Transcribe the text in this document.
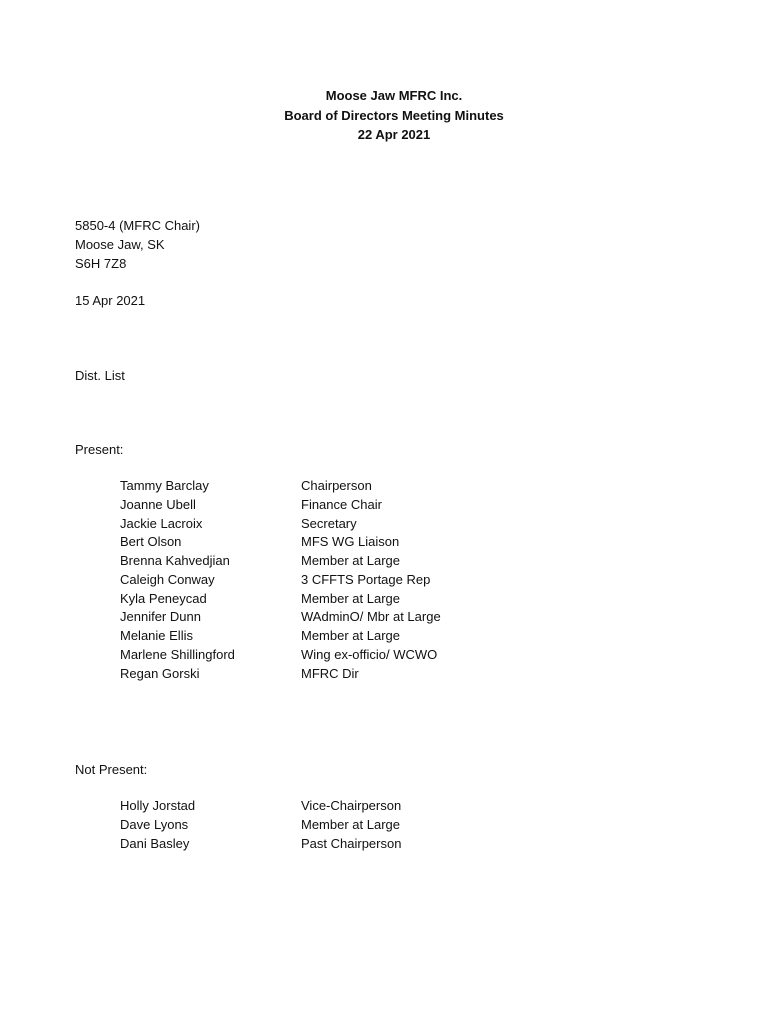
Moose Jaw MFRC Inc.
Board of Directors Meeting Minutes
22 Apr 2021
5850-4 (MFRC Chair)
Moose Jaw, SK
S6H 7Z8
15 Apr 2021
Dist. List
Present:
Tammy Barclay	Chairperson
Joanne Ubell	Finance Chair
Jackie Lacroix	Secretary
Bert Olson	MFS WG Liaison
Brenna Kahvedjian	Member at Large
Caleigh Conway	3 CFFTS Portage Rep
Kyla Peneycad	Member at Large
Jennifer Dunn	WAdminO/ Mbr at Large
Melanie Ellis	Member at Large
Marlene Shillingford	Wing ex-officio/ WCWO
Regan Gorski	MFRC Dir
Not Present:
Holly Jorstad	Vice-Chairperson
Dave Lyons	Member at Large
Dani Basley	Past Chairperson
